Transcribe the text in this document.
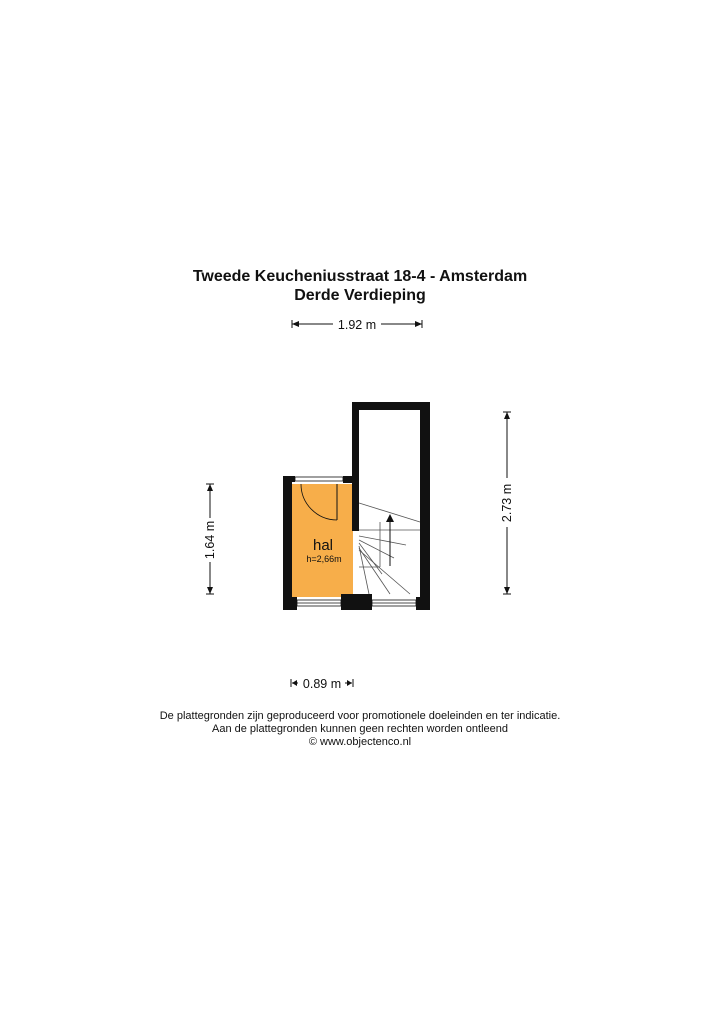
Tweede Keucheniusstraat 18-4 - Amsterdam
Derde Verdieping
1.92 m
1.64 m
2.73 m
0.89 m
hal
h=2,66m
De plattegronden zijn geproduceerd voor promotionele doeleinden en ter indicatie.
Aan de plattegronden kunnen geen rechten worden ontleend
© www.objectenco.nl
